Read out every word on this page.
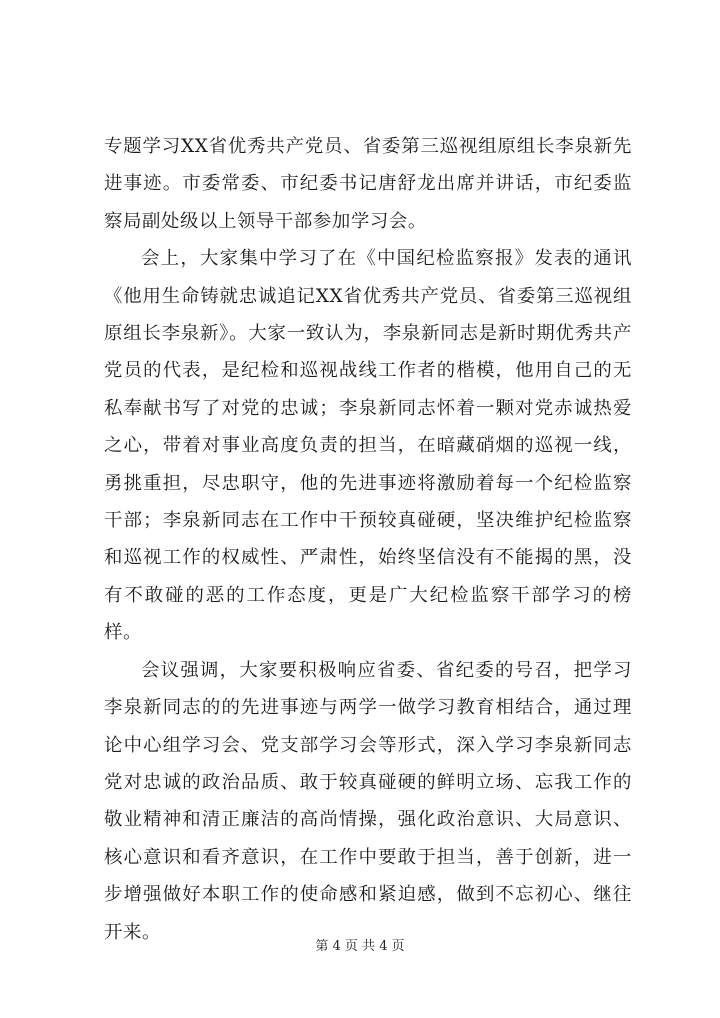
专题学习XX省优秀共产党员、省委第三巡视组原组长李泉新先进事迹。市委常委、市纪委书记唐舒龙出席并讲话，市纪委监察局副处级以上领导干部参加学习会。

会上，大家集中学习了在《中国纪检监察报》发表的通讯《他用生命铸就忠诚追记XX省优秀共产党员、省委第三巡视组原组长李泉新》。大家一致认为，李泉新同志是新时期优秀共产党员的代表，是纪检和巡视战线工作者的楷模，他用自己的无私奉献书写了对党的忠诚；李泉新同志怀着一颗对党赤诚热爱之心，带着对事业高度负责的担当，在暗藏硝烟的巡视一线，勇挑重担，尽忠职守，他的先进事迹将激励着每一个纪检监察干部；李泉新同志在工作中干预较真碰硬，坚决维护纪检监察和巡视工作的权威性、严肃性，始终坚信没有不能揭的黑，没有不敢碰的恶的工作态度，更是广大纪检监察干部学习的榜样。

会议强调，大家要积极响应省委、省纪委的号召，把学习李泉新同志的的先进事迹与两学一做学习教育相结合，通过理论中心组学习会、党支部学习会等形式，深入学习李泉新同志党对忠诚的政治品质、敢于较真碰硬的鲜明立场、忘我工作的敬业精神和清正廉洁的高尚情操，强化政治意识、大局意识、核心意识和看齐意识，在工作中要敢于担当，善于创新，进一步增强做好本职工作的使命感和紧迫感，做到不忘初心、继往开来。

第 4 页 共 4 页
